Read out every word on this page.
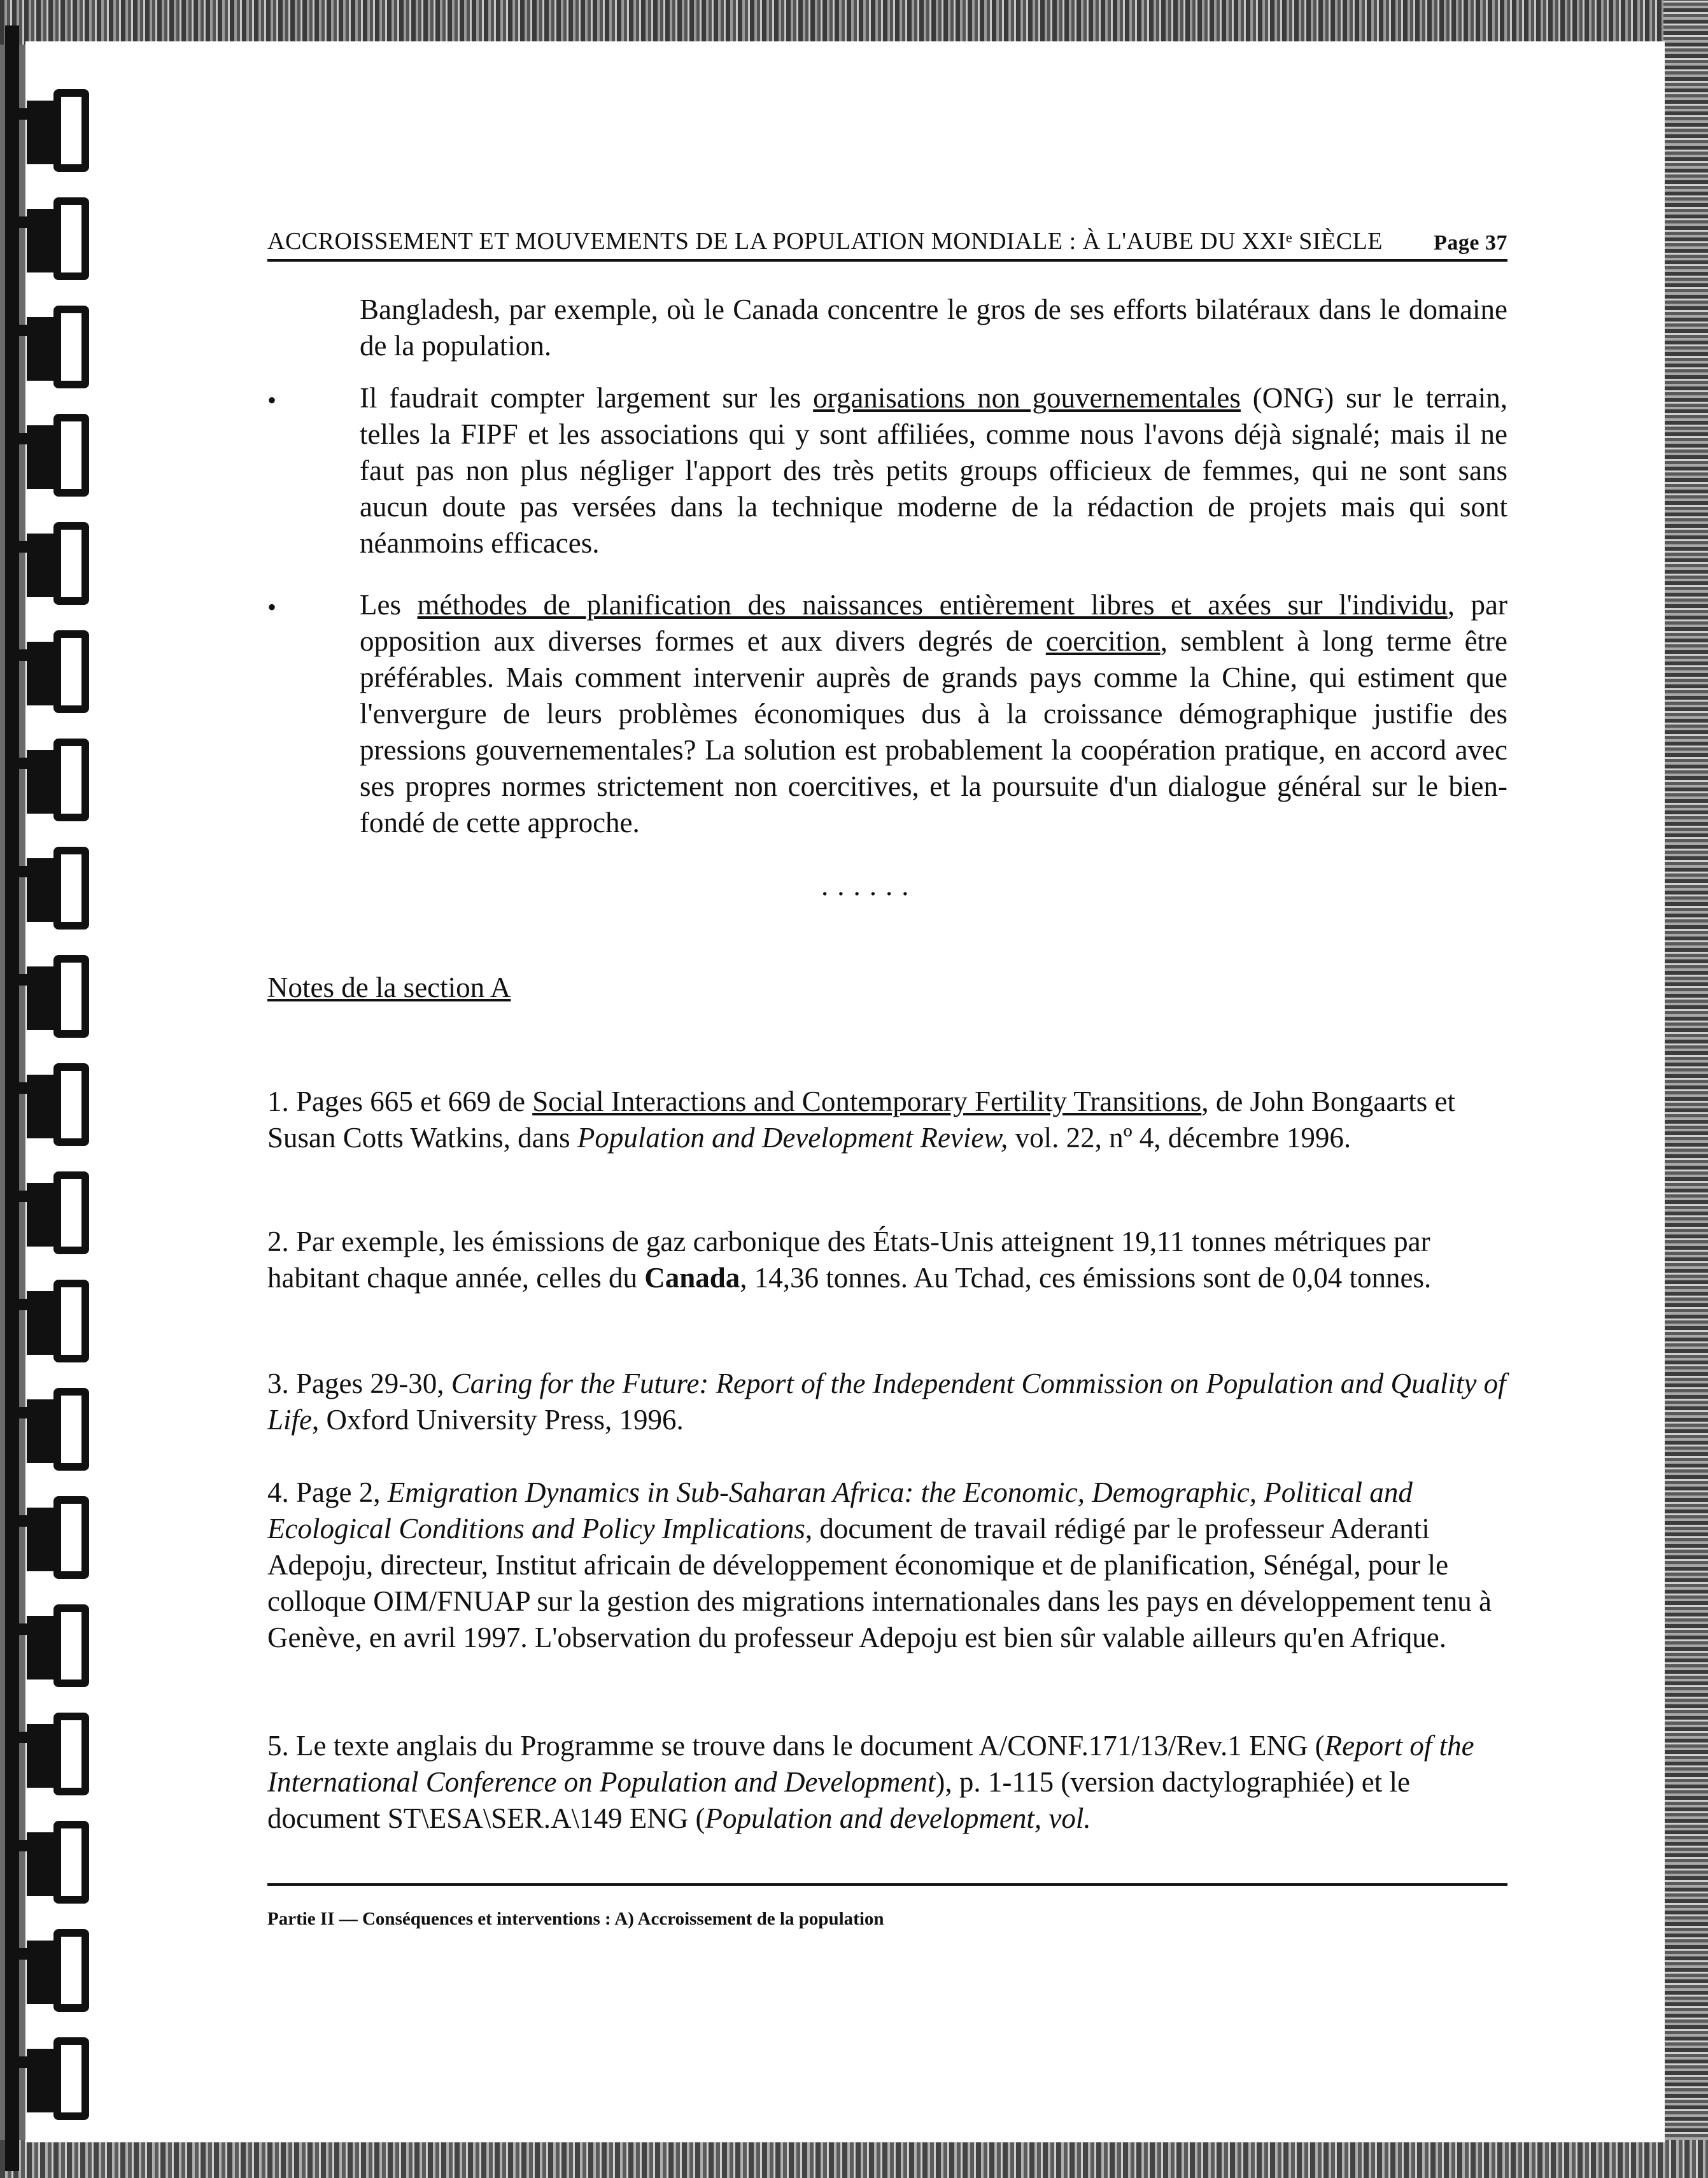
ACCROISSEMENT ET MOUVEMENTS DE LA POPULATION MONDIALE : À L'AUBE DU XXIᵉ SIÈCLE Page 37

Bangladesh, par exemple, où le Canada concentre le gros de ses efforts bilatéraux dans le domaine de la population.

•	Il faudrait compter largement sur les organisations non gouvernementales (ONG) sur le terrain, telles la FIPF et les associations qui y sont affiliées, comme nous l'avons déjà signalé; mais il ne faut pas non plus négliger l'apport des très petits groups officieux de femmes, qui ne sont sans aucun doute pas versées dans la technique moderne de la rédaction de projets mais qui sont néanmoins efficaces.

•	Les méthodes de planification des naissances entièrement libres et axées sur l'individu, par opposition aux diverses formes et aux divers degrés de coercition, semblent à long terme être préférables. Mais comment intervenir auprès de grands pays comme la Chine, qui estiment que l'envergure de leurs problèmes économiques dus à la croissance démographique justifie des pressions gouvernementales? La solution est probablement la coopération pratique, en accord avec ses propres normes strictement non coercitives, et la poursuite d'un dialogue général sur le bien-fondé de cette approche.

......
Notes de la section A

1. Pages 665 et 669 de Social Interactions and Contemporary Fertility Transitions, de John Bongaarts et Susan Cotts Watkins, dans Population and Development Review, vol. 22, nº 4, décembre 1996.

2. Par exemple, les émissions de gaz carbonique des États-Unis atteignent 19,11 tonnes métriques par habitant chaque année, celles du Canada, 14,36 tonnes. Au Tchad, ces émissions sont de 0,04 tonnes.

3. Pages 29-30, Caring for the Future: Report of the Independent Commission on Population and Quality of Life, Oxford University Press, 1996.

4. Page 2, Emigration Dynamics in Sub-Saharan Africa: the Economic, Demographic, Political and Ecological Conditions and Policy Implications, document de travail rédigé par le professeur Aderanti Adepoju, directeur, Institut africain de développement économique et de planification, Sénégal, pour le colloque OIM/FNUAP sur la gestion des migrations internationales dans les pays en développement tenu à Genève, en avril 1997. L'observation du professeur Adepoju est bien sûr valable ailleurs qu'en Afrique.

5. Le texte anglais du Programme se trouve dans le document A/CONF.171/13/Rev.1 ENG (Report of the International Conference on Population and Development), p. 1-115 (version dactylographiée) et le document ST\ESA\SER.A\149 ENG (Population and development, vol.

Partie II — Conséquences et interventions : A) Accroissement de la population
